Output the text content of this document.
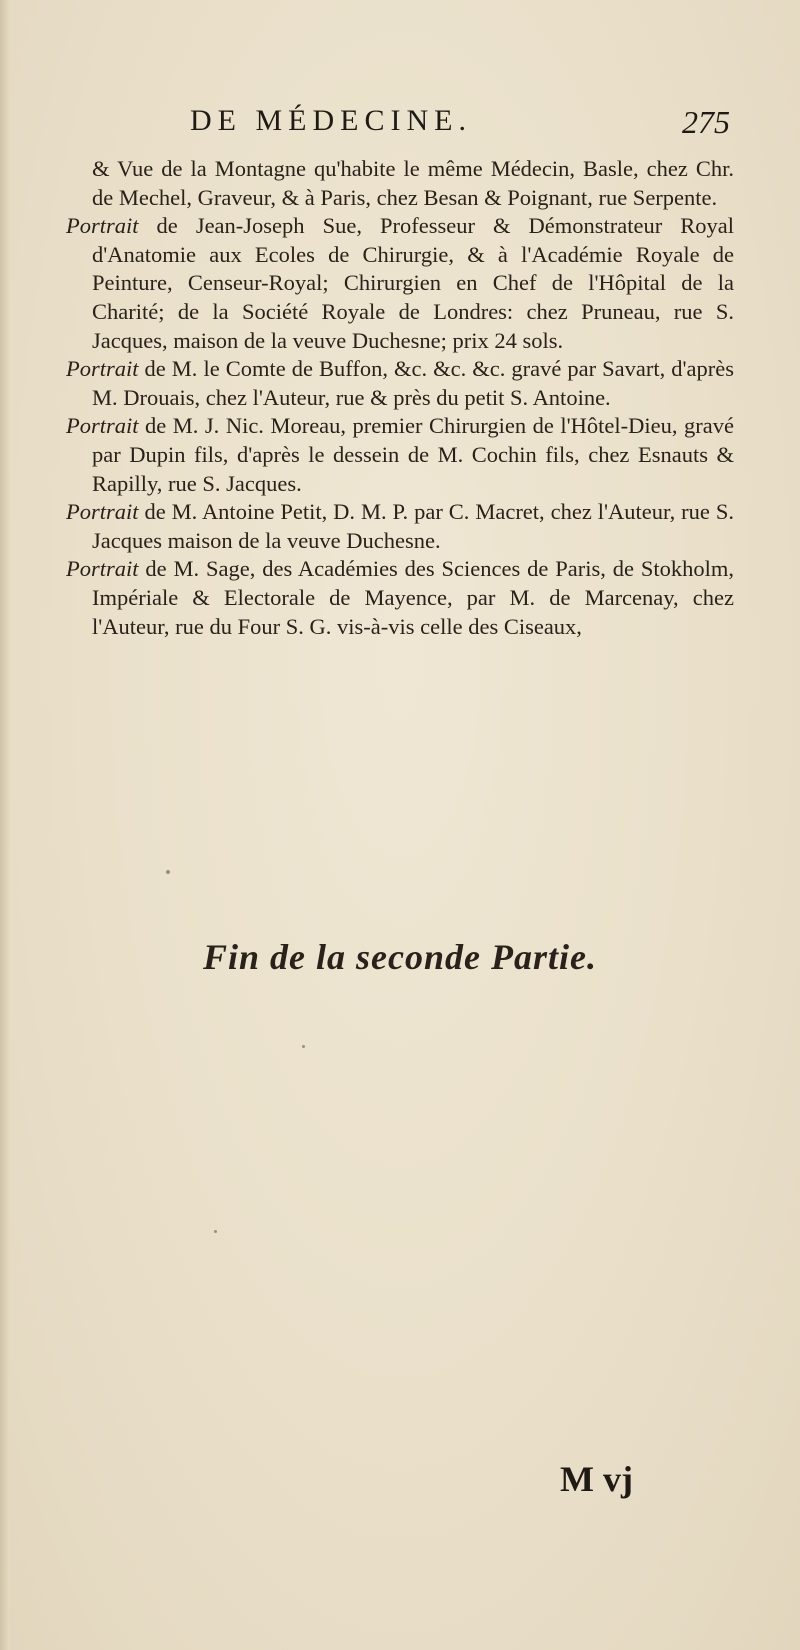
DE MÉDECINE.	275

& Vue de la Montagne qu'habite le même Médecin, Basle, chez Chr. de Mechel, Graveur, & à Paris, chez Besan & Poignant, rue Serpente.

Portrait de Jean-Joseph Sue, Professeur & Démonstrateur Royal d'Anatomie aux Ecoles de Chirurgie, & à l'Académie Royale de Peinture, Censeur-Royal; Chirurgien en Chef de l'Hôpital de la Charité; de la Société Royale de Londres: chez Pruneau, rue S. Jacques, maison de la veuve Duchesne; prix 24 sols.

Portrait de M. le Comte de Buffon, &c. &c. &c. gravé par Savart, d'après M. Drouais, chez l'Auteur, rue & près du petit S. Antoine.

Portrait de M. J. Nic. Moreau, premier Chirurgien de l'Hôtel-Dieu, gravé par Dupin fils, d'après le dessein de M. Cochin fils, chez Esnauts & Rapilly, rue S. Jacques.

Portrait de M. Antoine Petit, D. M. P. par C. Macret, chez l'Auteur, rue S. Jacques maison de la veuve Duchesne.

Portrait de M. Sage, des Académies des Sciences de Paris, de Stokholm, Impériale & Electorale de Mayence, par M. de Marcenay, chez l'Auteur, rue du Four S. G. vis-à-vis celle des Ciseaux,

Fin de la seconde Partie.
M vj
